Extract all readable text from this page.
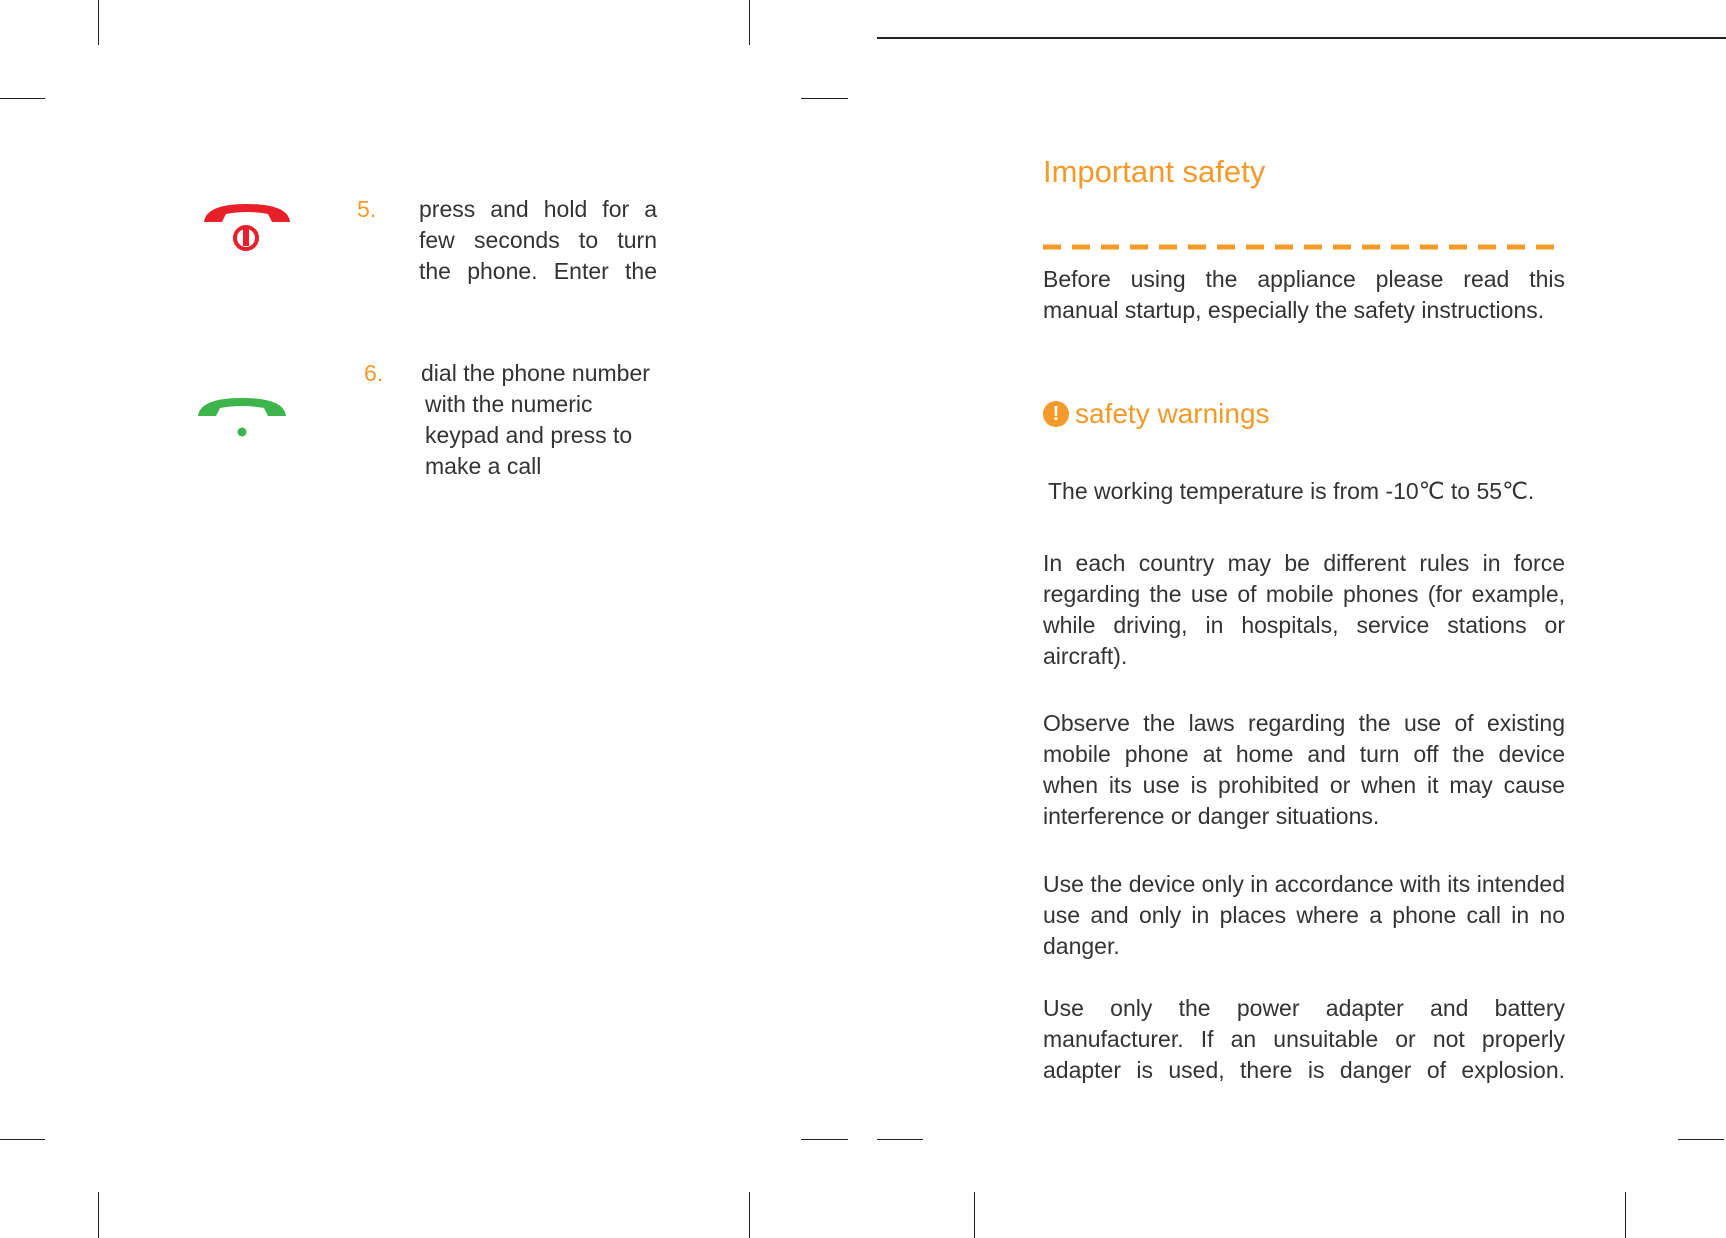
5. press and hold for a
few seconds to turn
the phone. Enter the
6. dial the phone number
with the numeric
keypad and press to
make a call
Important safety
Before using the appliance please read this manual startup, especially the safety instructions.
! safety warnings
The working temperature is from -10℃ to 55℃.
In each country may be different rules in force regarding the use of mobile phones (for example, while driving, in hospitals, service stations or aircraft).
Observe the laws regarding the use of existing mobile phone at home and turn off the device when its use is prohibited or when it may cause interference or danger situations.
Use the device only in accordance with its intended use and only in places where a phone call in no danger.
Use only the power adapter and battery manufacturer. If an unsuitable or not properly adapter is used, there is danger of explosion.
